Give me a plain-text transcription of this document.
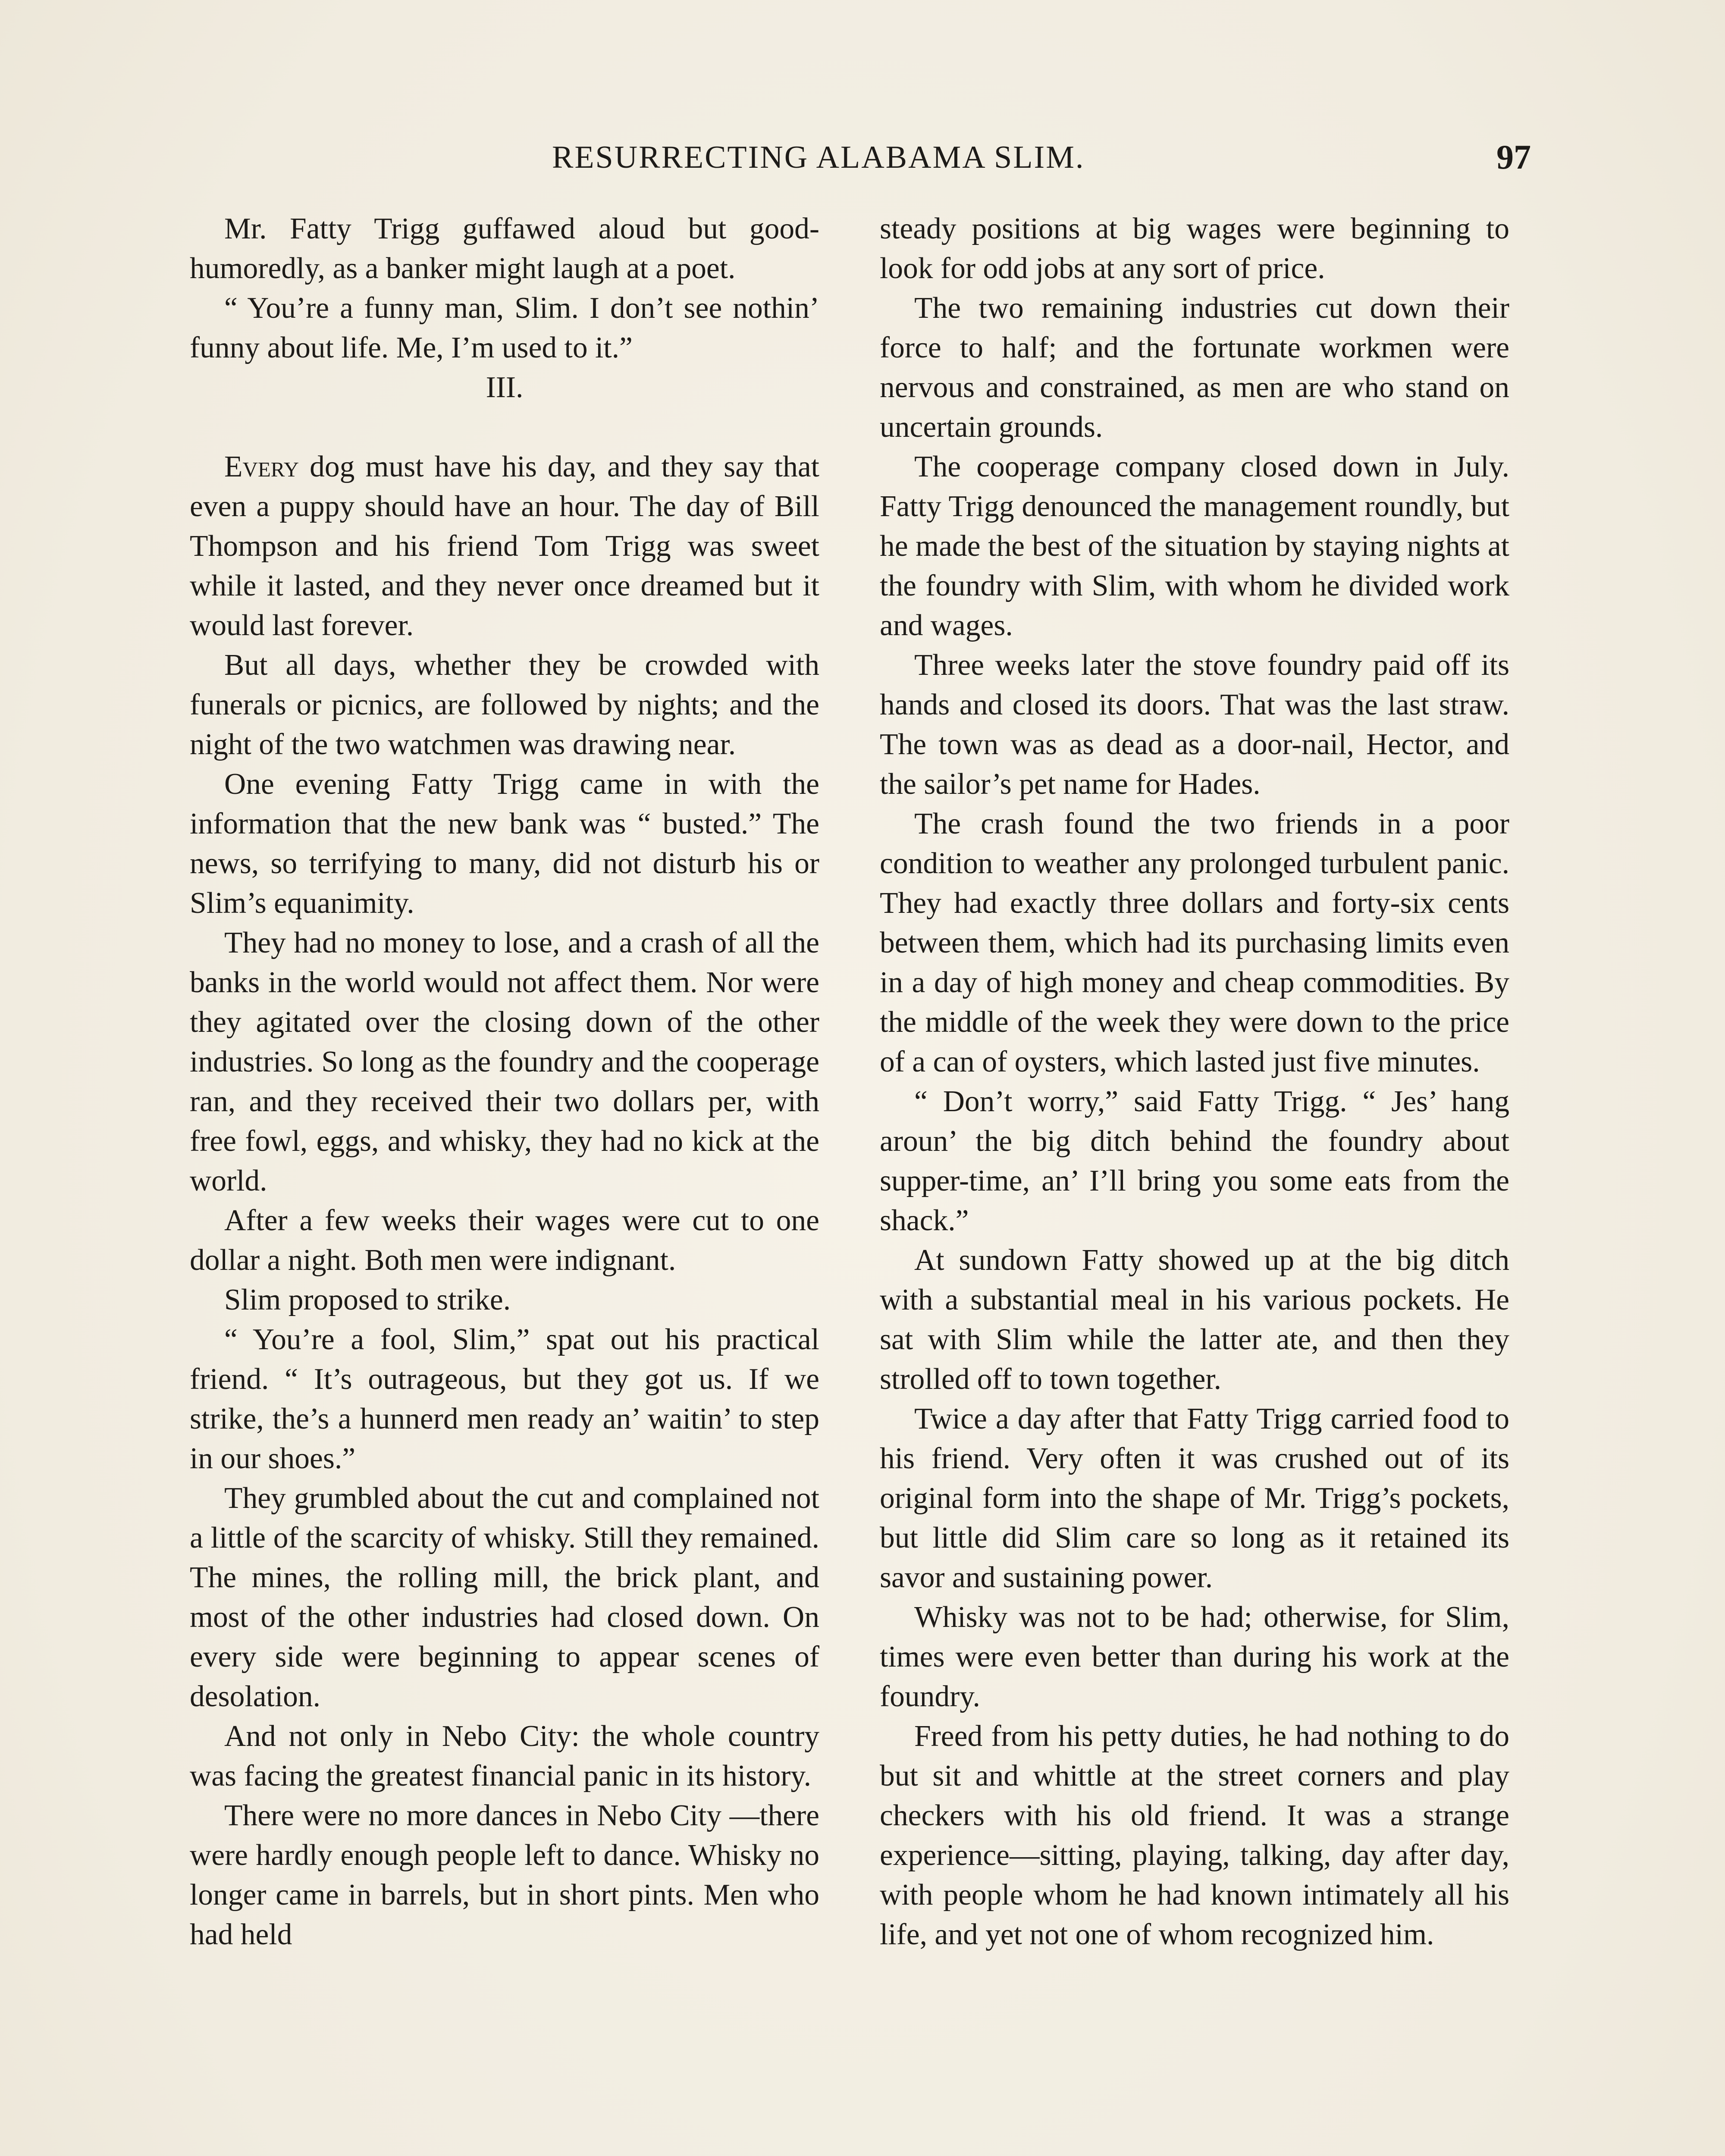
RESURRECTING ALABAMA SLIM.	97

Mr. Fatty Trigg guffawed aloud but good-humoredly, as a banker might laugh at a poet.

“ You’re a funny man, Slim. I don’t see nothin’ funny about life. Me, I’m used to it.”

III.

Every dog must have his day, and they say that even a puppy should have an hour. The day of Bill Thompson and his friend Tom Trigg was sweet while it lasted, and they never once dreamed but it would last forever.

But all days, whether they be crowded with funerals or picnics, are followed by nights; and the night of the two watchmen was drawing near.

One evening Fatty Trigg came in with the information that the new bank was “ busted.” The news, so terrifying to many, did not disturb his or Slim’s equanimity.

They had no money to lose, and a crash of all the banks in the world would not affect them. Nor were they agitated over the closing down of the other industries. So long as the foundry and the cooperage ran, and they received their two dollars per, with free fowl, eggs, and whisky, they had no kick at the world.

After a few weeks their wages were cut to one dollar a night. Both men were indignant.

Slim proposed to strike.

“ You’re a fool, Slim,” spat out his practical friend. “ It’s outrageous, but they got us. If we strike, the’s a hunnerd men ready an’ waitin’ to step in our shoes.”

They grumbled about the cut and complained not a little of the scarcity of whisky. Still they remained. The mines, the rolling mill, the brick plant, and most of the other industries had closed down. On every side were beginning to appear scenes of desolation.

And not only in Nebo City: the whole country was facing the greatest financial panic in its history.

There were no more dances in Nebo City —there were hardly enough people left to dance. Whisky no longer came in barrels, but in short pints. Men who had held

steady positions at big wages were beginning to look for odd jobs at any sort of price.

The two remaining industries cut down their force to half; and the fortunate workmen were nervous and constrained, as men are who stand on uncertain grounds.

The cooperage company closed down in July. Fatty Trigg denounced the management roundly, but he made the best of the situation by staying nights at the foundry with Slim, with whom he divided work and wages.

Three weeks later the stove foundry paid off its hands and closed its doors. That was the last straw. The town was as dead as a door-nail, Hector, and the sailor’s pet name for Hades.

The crash found the two friends in a poor condition to weather any prolonged turbulent panic. They had exactly three dollars and forty-six cents between them, which had its purchasing limits even in a day of high money and cheap commodities. By the middle of the week they were down to the price of a can of oysters, which lasted just five minutes.

“ Don’t worry,” said Fatty Trigg. “ Jes’ hang aroun’ the big ditch behind the foundry about supper-time, an’ I’ll bring you some eats from the shack.”

At sundown Fatty showed up at the big ditch with a substantial meal in his various pockets. He sat with Slim while the latter ate, and then they strolled off to town together.

Twice a day after that Fatty Trigg carried food to his friend. Very often it was crushed out of its original form into the shape of Mr. Trigg’s pockets, but little did Slim care so long as it retained its savor and sustaining power.

Whisky was not to be had; otherwise, for Slim, times were even better than during his work at the foundry.

Freed from his petty duties, he had nothing to do but sit and whittle at the street corners and play checkers with his old friend. It was a strange experience—sitting, playing, talking, day after day, with people whom he had known intimately all his life, and yet not one of whom recognized him.
